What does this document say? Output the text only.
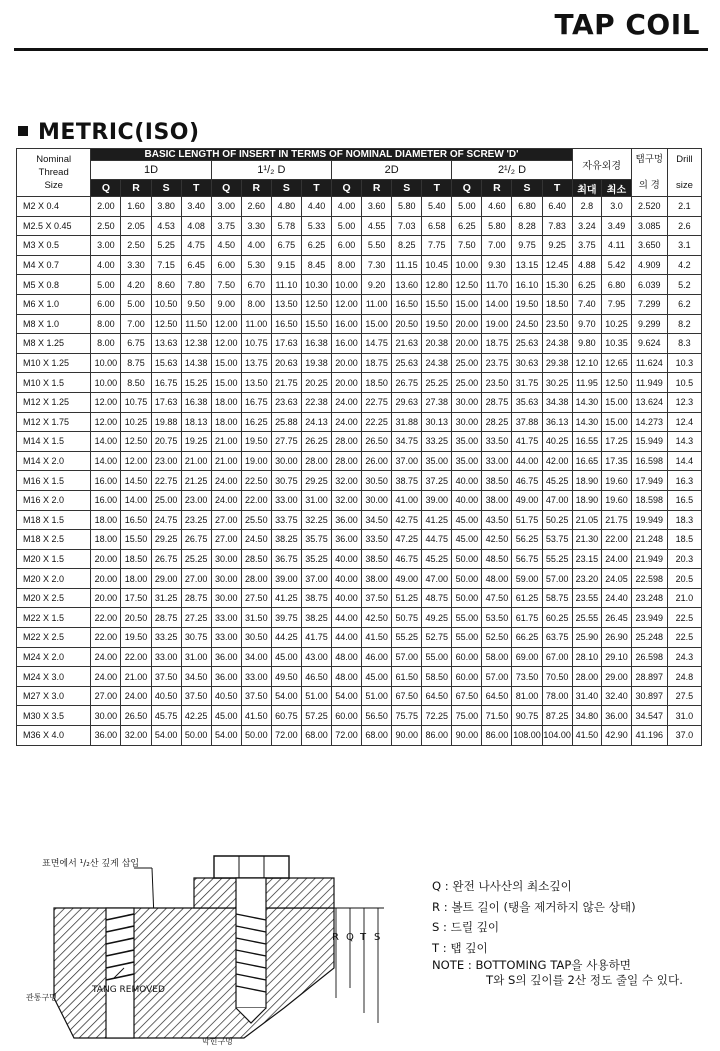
TAP COIL
METRIC(ISO)
Nominal
Thread
Size	BASIC LENGTH OF INSERT IN TERMS OF NOMINAL DIAMETER OF SCREW 'D'																자유외경		탭구멍

의 경	Drill

size
	1D				1¹/₂ D				2D				2¹/₂ D							
	Q	R	S	T	Q	R	S	T	Q	R	S	T	Q	R	S	T	최대	최소		
M2 X 0.4	2.00	1.60	3.80	3.40	3.00	2.60	4.80	4.40	4.00	3.60	5.80	5.40	5.00	4.60	6.80	6.40	2.8	3.0	2.520	2.1
M2.5 X 0.45	2.50	2.05	4.53	4.08	3.75	3.30	5.78	5.33	5.00	4.55	7.03	6.58	6.25	5.80	8.28	7.83	3.24	3.49	3.085	2.6
M3 X 0.5	3.00	2.50	5.25	4.75	4.50	4.00	6.75	6.25	6.00	5.50	8.25	7.75	7.50	7.00	9.75	9.25	3.75	4.11	3.650	3.1
M4 X 0.7	4.00	3.30	7.15	6.45	6.00	5.30	9.15	8.45	8.00	7.30	11.15	10.45	10.00	9.30	13.15	12.45	4.88	5.42	4.909	4.2
M5 X 0.8	5.00	4.20	8.60	7.80	7.50	6.70	11.10	10.30	10.00	9.20	13.60	12.80	12.50	11.70	16.10	15.30	6.25	6.80	6.039	5.2
M6 X 1.0	6.00	5.00	10.50	9.50	9.00	8.00	13.50	12.50	12.00	11.00	16.50	15.50	15.00	14.00	19.50	18.50	7.40	7.95	7.299	6.2
M8 X 1.0	8.00	7.00	12.50	11.50	12.00	11.00	16.50	15.50	16.00	15.00	20.50	19.50	20.00	19.00	24.50	23.50	9.70	10.25	9.299	8.2
M8 X 1.25	8.00	6.75	13.63	12.38	12.00	10.75	17.63	16.38	16.00	14.75	21.63	20.38	20.00	18.75	25.63	24.38	9.80	10.35	9.624	8.3
M10 X 1.25	10.00	8.75	15.63	14.38	15.00	13.75	20.63	19.38	20.00	18.75	25.63	24.38	25.00	23.75	30.63	29.38	12.10	12.65	11.624	10.3
M10 X 1.5	10.00	8.50	16.75	15.25	15.00	13.50	21.75	20.25	20.00	18.50	26.75	25.25	25.00	23.50	31.75	30.25	11.95	12.50	11.949	10.5
M12 X 1.25	12.00	10.75	17.63	16.38	18.00	16.75	23.63	22.38	24.00	22.75	29.63	27.38	30.00	28.75	35.63	34.38	14.30	15.00	13.624	12.3
M12 X 1.75	12.00	10.25	19.88	18.13	18.00	16.25	25.88	24.13	24.00	22.25	31.88	30.13	30.00	28.25	37.88	36.13	14.30	15.00	14.273	12.4
M14 X 1.5	14.00	12.50	20.75	19.25	21.00	19.50	27.75	26.25	28.00	26.50	34.75	33.25	35.00	33.50	41.75	40.25	16.55	17.25	15.949	14.3
M14 X 2.0	14.00	12.00	23.00	21.00	21.00	19.00	30.00	28.00	28.00	26.00	37.00	35.00	35.00	33.00	44.00	42.00	16.65	17.35	16.598	14.4
M16 X 1.5	16.00	14.50	22.75	21.25	24.00	22.50	30.75	29.25	32.00	30.50	38.75	37.25	40.00	38.50	46.75	45.25	18.90	19.60	17.949	16.3
M16 X 2.0	16.00	14.00	25.00	23.00	24.00	22.00	33.00	31.00	32.00	30.00	41.00	39.00	40.00	38.00	49.00	47.00	18.90	19.60	18.598	16.5
M18 X 1.5	18.00	16.50	24.75	23.25	27.00	25.50	33.75	32.25	36.00	34.50	42.75	41.25	45.00	43.50	51.75	50.25	21.05	21.75	19.949	18.3
M18 X 2.5	18.00	15.50	29.25	26.75	27.00	24.50	38.25	35.75	36.00	33.50	47.25	44.75	45.00	42.50	56.25	53.75	21.30	22.00	21.248	18.5
M20 X 1.5	20.00	18.50	26.75	25.25	30.00	28.50	36.75	35.25	40.00	38.50	46.75	45.25	50.00	48.50	56.75	55.25	23.15	24.00	21.949	20.3
M20 X 2.0	20.00	18.00	29.00	27.00	30.00	28.00	39.00	37.00	40.00	38.00	49.00	47.00	50.00	48.00	59.00	57.00	23.20	24.05	22.598	20.5
M20 X 2.5	20.00	17.50	31.25	28.75	30.00	27.50	41.25	38.75	40.00	37.50	51.25	48.75	50.00	47.50	61.25	58.75	23.55	24.40	23.248	21.0
M22 X 1.5	22.00	20.50	28.75	27.25	33.00	31.50	39.75	38.25	44.00	42.50	50.75	49.25	55.00	53.50	61.75	60.25	25.55	26.45	23.949	22.5
M22 X 2.5	22.00	19.50	33.25	30.75	33.00	30.50	44.25	41.75	44.00	41.50	55.25	52.75	55.00	52.50	66.25	63.75	25.90	26.90	25.248	22.5
M24 X 2.0	24.00	22.00	33.00	31.00	36.00	34.00	45.00	43.00	48.00	46.00	57.00	55.00	60.00	58.00	69.00	67.00	28.10	29.10	26.598	24.3
M24 X 3.0	24.00	21.00	37.50	34.50	36.00	33.00	49.50	46.50	48.00	45.00	61.50	58.50	60.00	57.00	73.50	70.50	28.00	29.00	28.897	24.8
M27 X 3.0	27.00	24.00	40.50	37.50	40.50	37.50	54.00	51.00	54.00	51.00	67.50	64.50	67.50	64.50	81.00	78.00	31.40	32.40	30.897	27.5
M30 X 3.5	30.00	26.50	45.75	42.25	45.00	41.50	60.75	57.25	60.00	56.50	75.75	72.25	75.00	71.50	90.75	87.25	34.80	36.00	34.547	31.0
M36 X 4.0	36.00	32.00	54.00	50.00	54.00	50.00	72.00	68.00	72.00	68.00	90.00	86.00	90.00	86.00	108.00	104.00	41.50	42.90	41.196	37.0
표면에서 ¹/₂산 깊게 삽입
R Q T S
TANG REMOVED
관통구멍
막힌구멍
Q : 완전 나사산의 최소깊이
R : 볼트 길이 (탱을 제거하지 않은 상태)
S : 드릴 깊이
T : 탭 깊이
NOTE : BOTTOMING TAP을 사용하면
T와 S의 깊이를 2산 정도 줄일 수 있다.
